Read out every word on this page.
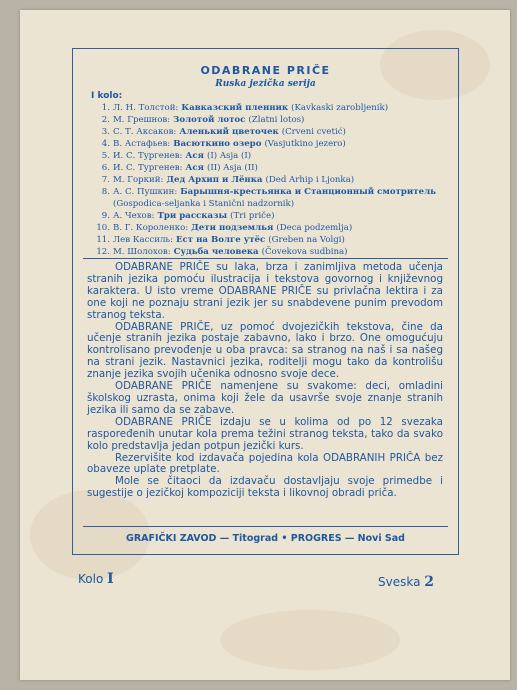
ODABRANE PRIČE
Ruska jezička serija
I kolo:
1. Л. Н. Толстой: Кавказский пленник (Kavkaski zarobljenik)
2. М. Грешнов: Золотой лотос (Zlatni lotos)
3. С. Т. Аксаков: Аленький цветочек (Crveni cvetić)
4. В. Астафьев: Васюткино озеро (Vasjutkino jezero)
5. И. С. Тургенев: Ася (I) Asja (I)
6. И. С. Тургенев: Ася (II) Asja (II)
7. М. Горкий: Дед Архип и Лёнка (Ded Arhip i Ljonka)
8. А. С. Пушкин: Барышня-крестьянка и Станционный смотритель
(Gospodica-seljanka i Stanični nadzornik)
9. А. Чехов: Три рассказы (Tri priče)
10. В. Г. Короленко: Дети подземлья (Deca podzemlja)
11. Лев Кассиль: Ест на Волге утёс (Greben na Volgi)
12. М. Шолохов: Судьба человека (Čovekova sudbina)

ODABRANE PRIČE su laka, brza i zanimljiva metoda učenja stranih jezika pomoću ilustracija i tekstova govornog i književnog karaktera. U isto vreme ODABRANE PRIČE su privlačna lektira i za one koji ne poznaju strani jezik jer su snabdevene punim prevodom stranog teksta.

ODABRANE PRIČE, uz pomoć dvojezičkih tekstova, čine da učenje stranih jezika postaje zabavno, lako i brzo. One omogućuju kontrolisano prevođenje u oba pravca: sa stranog na naš i sa našeg na strani jezik. Nastavnici jezika, roditelji mogu tako da kontrolišu znanje jezika svojih učenika odnosno svoje dece.

ODABRANE PRIČE namenjene su svakome: deci, omladini školskog uzrasta, onima koji žele da usavrše svoje znanje stranih jezika ili samo da se zabave.

ODABRANE PRIČE izdaju se u kolima od po 12 svezaka raspoređenih unutar kola prema težini stranog teksta, tako da svako kolo predstavlja jedan potpun jezički kurs.

Rezervišite kod izdavača pojedina kola ODABRANIH PRIČA bez obaveze uplate pretplate.

Mole se čitaoci da izdavaču dostavljaju svoje primedbe i sugestije o jezičkoj kompoziciji teksta i likovnoj obradi priča.

GRAFIČKI ZAVOD — Titograd • PROGRES — Novi Sad
Kolo I	Sveska 2
